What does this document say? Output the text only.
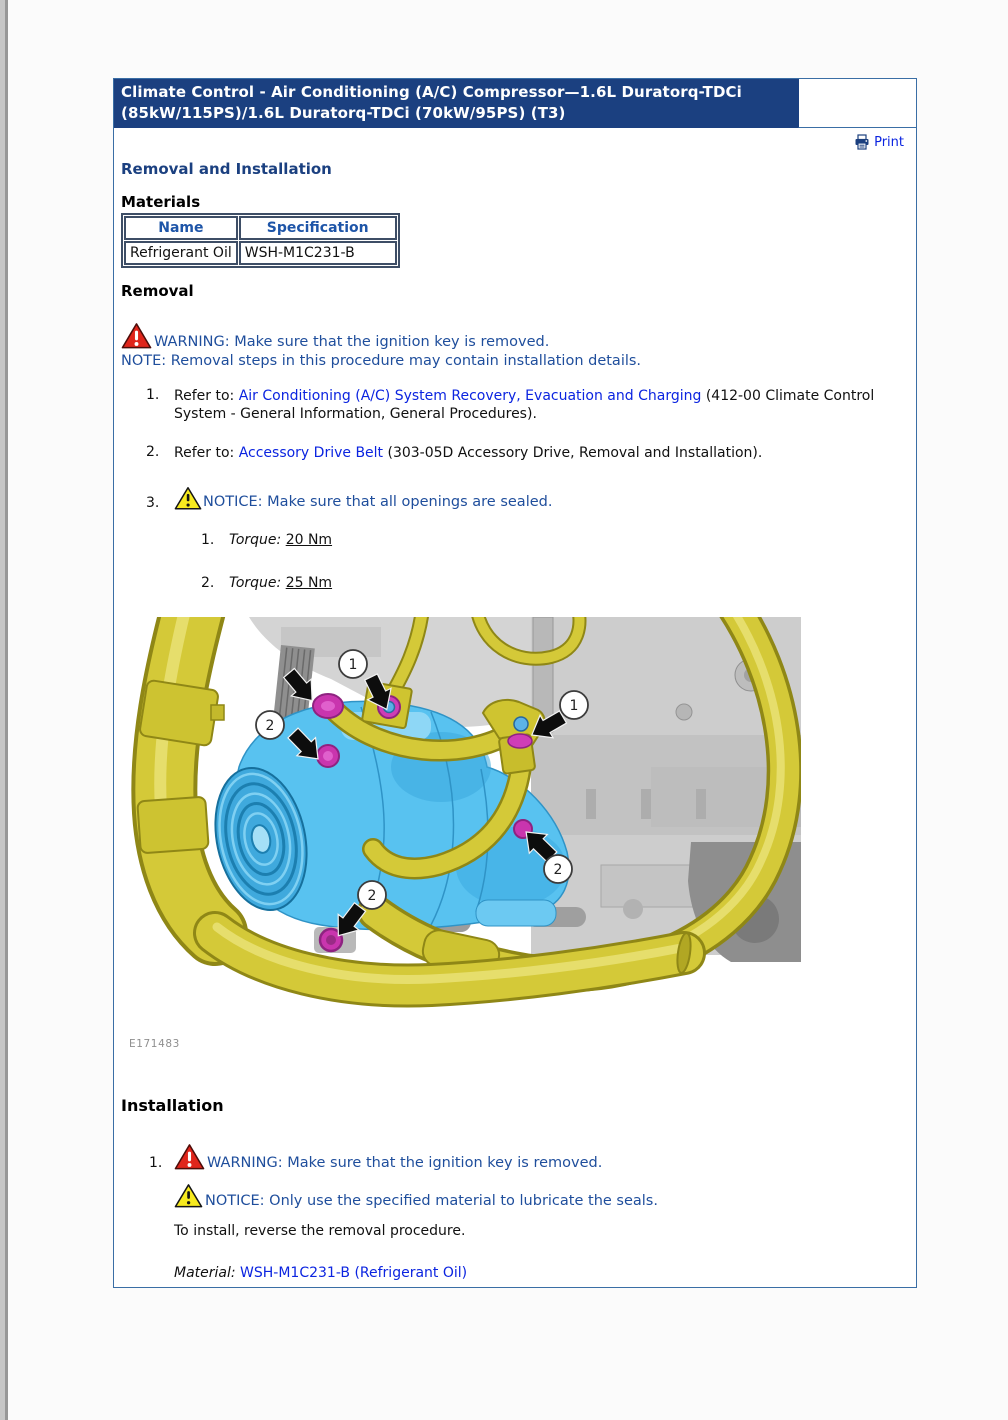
Climate Control - Air Conditioning (A/C) Compressor—1.6L Duratorq-TDCi (85kW/115PS)/1.6L Duratorq-TDCi (70kW/95PS) (T3)
Print
Removal and Installation
Materials
Name	Specification
Refrigerant Oil	WSH-M1C231-B
Removal
WARNING: Make sure that the ignition key is removed.
NOTE: Removal steps in this procedure may contain installation details.
1.	Refer to: Air Conditioning (A/C) System Recovery, Evacuation and Charging (412-00 Climate Control System - General Information, General Procedures).
2.	Refer to: Accessory Drive Belt (303-05D Accessory Drive, Removal and Installation).
3.	NOTICE: Make sure that all openings are sealed.
1.	Torque: 20 Nm
2.	Torque: 25 Nm
1
1
2
2
2
E171483
Installation
1.	WARNING: Make sure that the ignition key is removed.
NOTICE: Only use the specified material to lubricate the seals.
To install, reverse the removal procedure.
Material: WSH-M1C231-B (Refrigerant Oil)
